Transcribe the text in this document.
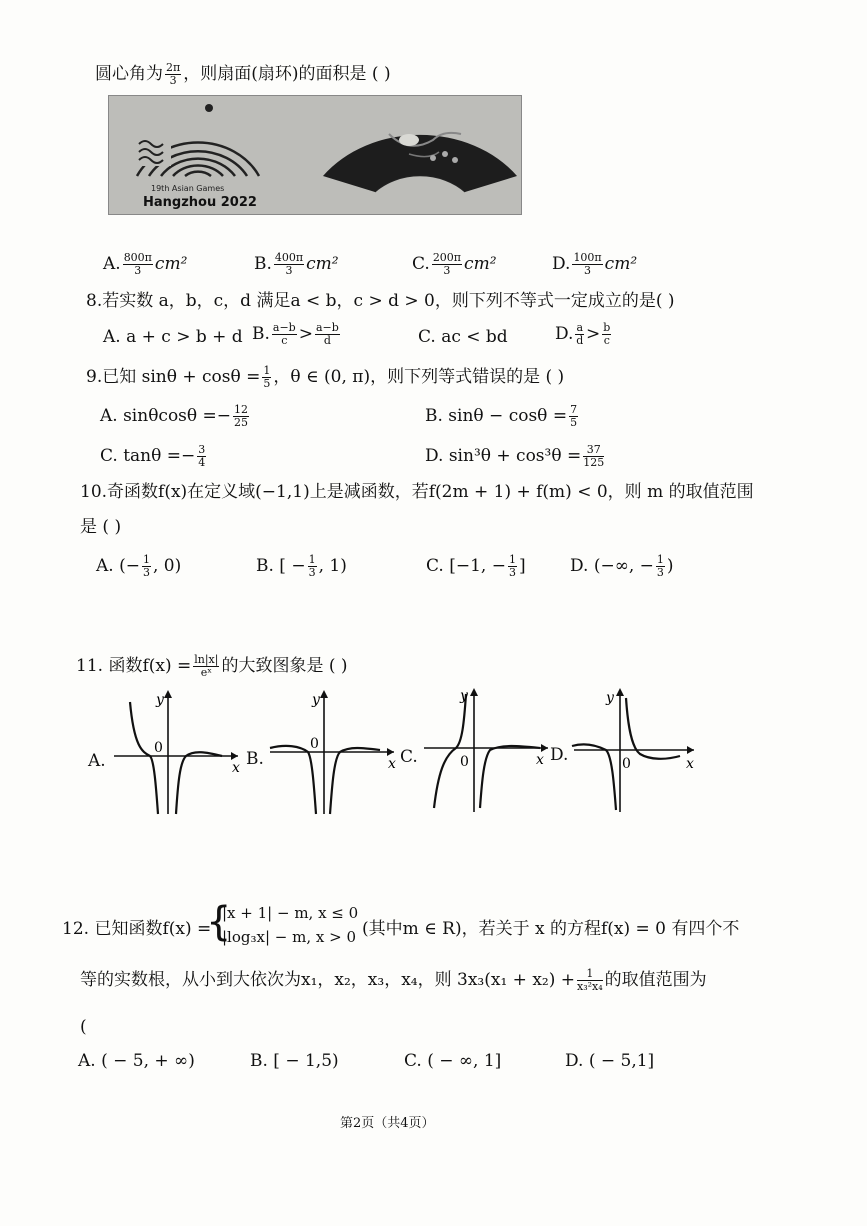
圆心角为 $\frac{2\pi}{3}$ ，则扇面(扇环)的面积是 ( )
19th Asian Games
Hangzhou 2022
A. $\frac{800\pi}{3} cm^2$	B. $\frac{400\pi}{3} cm^2$	C. $\frac{200\pi}{3} cm^2$	D. $\frac{100\pi}{3} cm^2$
8.若实数 a，b，c，d 满足a < b，c > d > 0，则下列不等式一定成立的是( )
A. a + c > b + d B. $\frac{a-b}{c} > \frac{a-b}{d}$	C. ac < bd	D. $\frac{a}{d} > \frac{b}{c}$
9.已知 $\sin\theta + \cos\theta = \frac{1}{5}$ ，θ ∈ (0, π)，则下列等式错误的是 ( )
A. $\sin\theta\cos\theta =- \frac{12}{25}$	B. $\sin\theta - \cos\theta = \frac{7}{5}$
C. $\tan\theta =- \frac{3}{4}$	D. $\sin^3\theta + \cos^3\theta = \frac{37}{125}$
10.奇函数f(x)在定义域(−1,1)上是减函数，若f(2m + 1) + f(m) < 0，则 m 的取值范围
是 ( )
A. (− $\frac{1}{3}$ , 0)	B. [ − $\frac{1}{3}$ , 1)	C. [−1, − $\frac{1}{3}$ ]	D. (−∞, − $\frac{1}{3}$ )
11. 函数$f(x) = \frac{\ln|x|}{\text{eˣ}}$ 的大致图象是 ( )
A.
y
x
0
B.
y
x
0
C.
y
x
0	D.
y
x
0
12. 已知函数f(x) =
{
|x + 1| − m, x ≤ 0
|log₃x| − m, x > 0 (其中m ∈ R)，若关于 x 的方程f(x) = 0 有四个不
等的实数根，从小到大依次为x₁，x₂，x₃，x₄，则 $3x_3(x_1 + x_2) + \frac{1}{\text{x₃²x₄}}$ 的取值范围为
(
A. ( − 5, + ∞)	B. [ − 1,5)	C. ( − ∞, 1]	D. ( − 5,1]
第2页（共4页）
